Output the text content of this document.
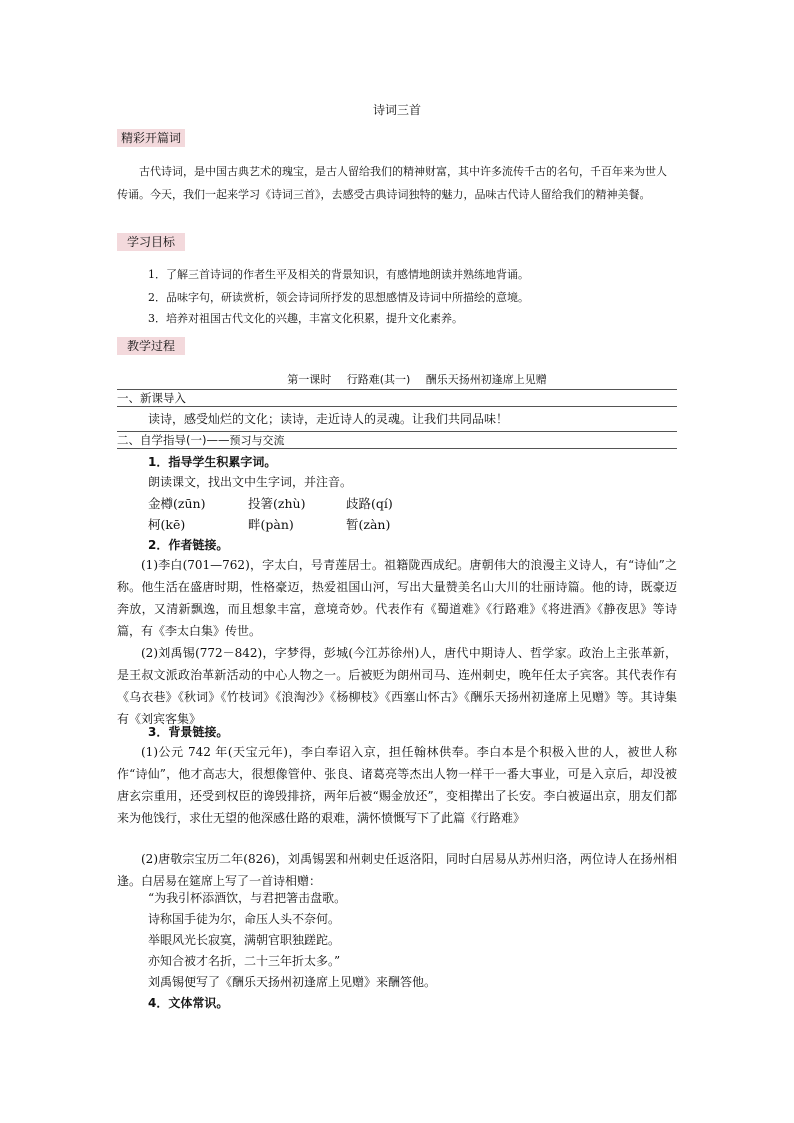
诗词三首
精彩开篇词

古代诗词，是中国古典艺术的瑰宝，是古人留给我们的精神财富，其中许多流传千古的名句，千百年来为世人传诵。今天，我们一起来学习《诗词三首》，去感受古典诗词独特的魅力，品味古代诗人留给我们的精神美餐。

学习目标

1．了解三首诗词的作者生平及相关的背景知识，有感情地朗读并熟练地背诵。

2．品味字句，研读赏析，领会诗词所抒发的思想感情及诗词中所描绘的意境。

3．培养对祖国古代文化的兴趣，丰富文化积累，提升文化素养。

教学过程
第一课时 行路难(其一) 酬乐天扬州初逢席上见赠
一、新课导入

读诗，感受灿烂的文化；读诗，走近诗人的灵魂。让我们共同品味！

二、自学指导(一)——预习与交流

1．指导学生积累字词。

朗读课文，找出文中生字词，并注音。

金樽(zūn)	投箸(zhù)	歧路(qí)
柯(kē)	畔(pàn)	暂(zàn)

2．作者链接。

(1)李白(701—762)，字太白，号青莲居士。祖籍陇西成纪。唐朝伟大的浪漫主义诗人，有“诗仙”之称。他生活在盛唐时期，性格豪迈，热爱祖国山河，写出大量赞美名山大川的壮丽诗篇。他的诗，既豪迈奔放，又清新飘逸，而且想象丰富，意境奇妙。代表作有《蜀道难》《行路难》《将进酒》《静夜思》等诗篇，有《李太白集》传世。

(2)刘禹锡(772－842)，字梦得，彭城(今江苏徐州)人，唐代中期诗人、哲学家。政治上主张革新，是王叔文派政治革新活动的中心人物之一。后被贬为朗州司马、连州刺史，晚年任太子宾客。其代表作有《乌衣巷》《秋词》《竹枝词》《浪淘沙》《杨柳枝》《西塞山怀古》《酬乐天扬州初逢席上见赠》等。其诗集有《刘宾客集》

3．背景链接。

(1)公元 742 年(天宝元年)，李白奉诏入京，担任翰林供奉。李白本是个积极入世的人，被世人称作“诗仙”，他才高志大，很想像管仲、张良、诸葛亮等杰出人物一样干一番大事业，可是入京后，却没被唐玄宗重用，还受到权臣的谗毁排挤，两年后被“赐金放还”，变相撵出了长安。李白被逼出京，朋友们都来为他饯行，求仕无望的他深感仕路的艰难，满怀愤慨写下了此篇《行路难》

(2)唐敬宗宝历二年(826)，刘禹锡罢和州刺史任返洛阳，同时白居易从苏州归洛，两位诗人在扬州相逢。白居易在筵席上写了一首诗相赠：

“为我引杯添酒饮，与君把箸击盘歌。

诗称国手徒为尔，命压人头不奈何。

举眼风光长寂寞，满朝官职独蹉跎。

亦知合被才名折，二十三年折太多。”

刘禹锡便写了《酬乐天扬州初逢席上见赠》来酬答他。

4．文体常识。
